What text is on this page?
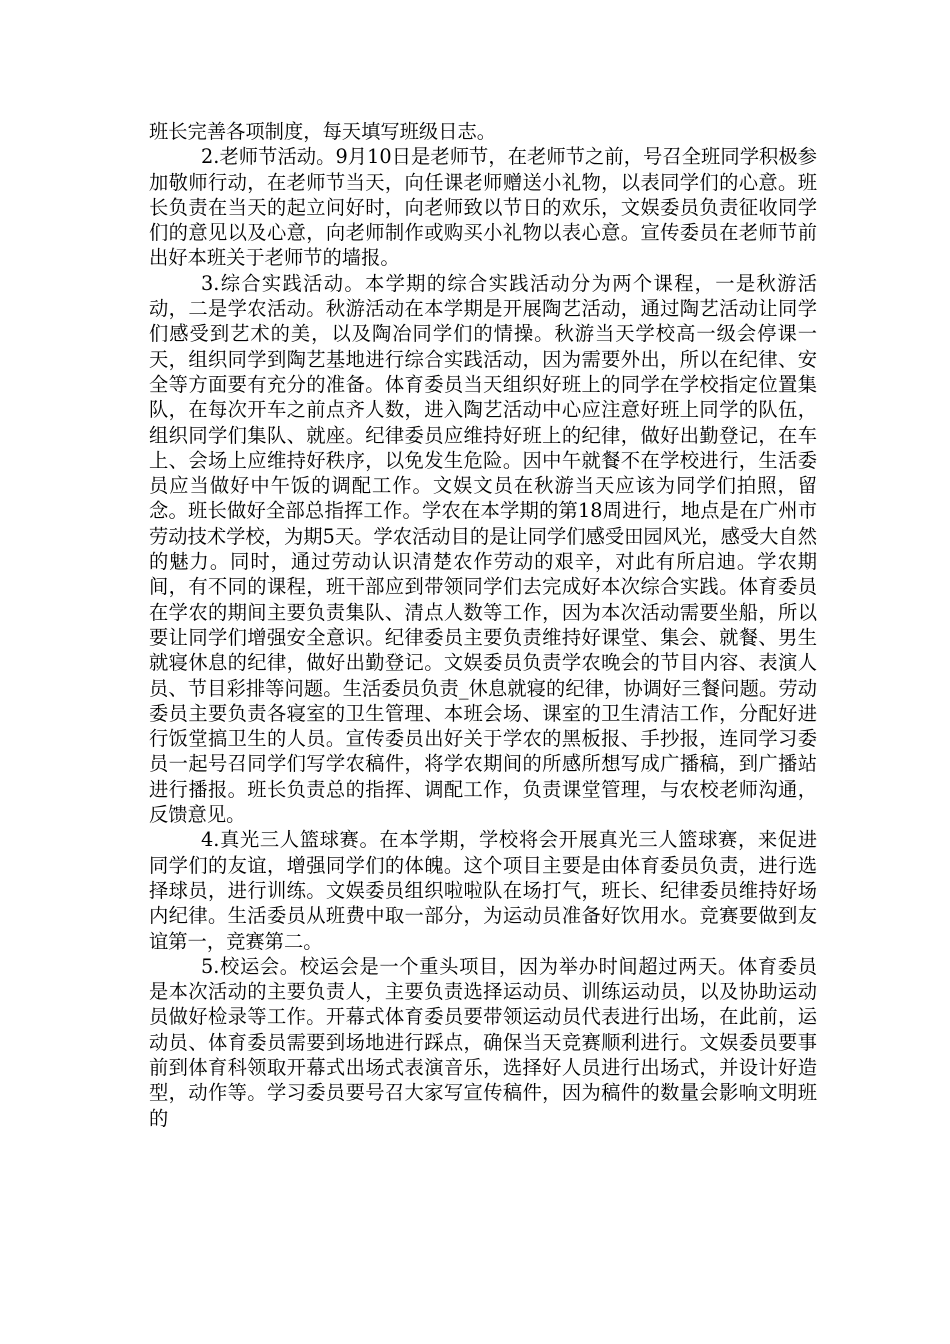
班长完善各项制度，每天填写班级日志。

2.老师节活动。9月10日是老师节，在老师节之前，号召全班同学积极参加敬师行动，在老师节当天，向任课老师赠送小礼物，以表同学们的心意。班长负责在当天的起立问好时，向老师致以节日的欢乐，文娱委员负责征收同学们的意见以及心意，向老师制作或购买小礼物以表心意。宣传委员在老师节前出好本班关于老师节的墙报。

3.综合实践活动。本学期的综合实践活动分为两个课程，一是秋游活动，二是学农活动。秋游活动在本学期是开展陶艺活动，通过陶艺活动让同学们感受到艺术的美，以及陶冶同学们的情操。秋游当天学校高一级会停课一天，组织同学到陶艺基地进行综合实践活动，因为需要外出，所以在纪律、安全等方面要有充分的准备。体育委员当天组织好班上的同学在学校指定位置集队，在每次开车之前点齐人数，进入陶艺活动中心应注意好班上同学的队伍，组织同学们集队、就座。纪律委员应维持好班上的纪律，做好出勤登记，在车上、会场上应维持好秩序，以免发生危险。因中午就餐不在学校进行，生活委员应当做好中午饭的调配工作。文娱文员在秋游当天应该为同学们拍照，留念。班长做好全部总指挥工作。学农在本学期的第18周进行，地点是在广州市劳动技术学校，为期5天。学农活动目的是让同学们感受田园风光，感受大自然的魅力。同时，通过劳动认识清楚农作劳动的艰辛，对此有所启迪。学农期间，有不同的课程，班干部应到带领同学们去完成好本次综合实践。体育委员在学农的期间主要负责集队、清点人数等工作，因为本次活动需要坐船，所以要让同学们增强安全意识。纪律委员主要负责维持好课堂、集会、就餐、男生就寝休息的纪律，做好出勤登记。文娱委员负责学农晚会的节目内容、表演人员、节目彩排等问题。生活委员负责_休息就寝的纪律，协调好三餐问题。劳动委员主要负责各寝室的卫生管理、本班会场、课室的卫生清洁工作，分配好进行饭堂搞卫生的人员。宣传委员出好关于学农的黑板报、手抄报，连同学习委员一起号召同学们写学农稿件，将学农期间的所感所想写成广播稿，到广播站进行播报。班长负责总的指挥、调配工作，负责课堂管理，与农校老师沟通，反馈意见。

4.真光三人篮球赛。在本学期，学校将会开展真光三人篮球赛，来促进同学们的友谊，增强同学们的体魄。这个项目主要是由体育委员负责，进行选择球员，进行训练。文娱委员组织啦啦队在场打气，班长、纪律委员维持好场内纪律。生活委员从班费中取一部分，为运动员准备好饮用水。竞赛要做到友谊第一，竞赛第二。

5.校运会。校运会是一个重头项目，因为举办时间超过两天。体育委员是本次活动的主要负责人，主要负责选择运动员、训练运动员，以及协助运动员做好检录等工作。开幕式体育委员要带领运动员代表进行出场，在此前，运动员、体育委员需要到场地进行踩点，确保当天竞赛顺利进行。文娱委员要事前到体育科领取开幕式出场式表演音乐，选择好人员进行出场式，并设计好造型，动作等。学习委员要号召大家写宣传稿件，因为稿件的数量会影响文明班的
